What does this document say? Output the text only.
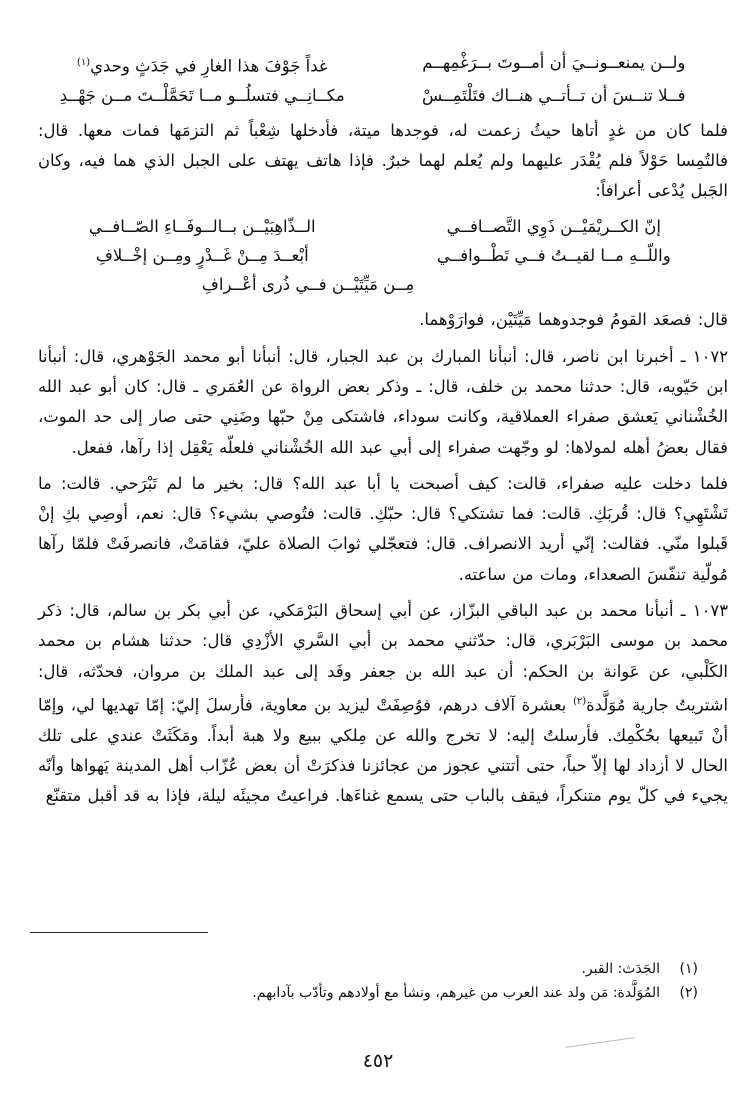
ولــن يمنعــونــيَ أن أمــوتَ بــرَغْمِهــم
غداً جَوْفَ هذا الغارِ في جَدَثٍ وحدي$^{(١)}$
فــلا تنــسَ أن تــأتــي هنــاك فتَلْتَمِــسْ
مكــانِــي فتسلُــو مــا تَحَمَّلْــتَ مــن جَهْــدِ

فلما كان من غدٍ أتاها حيثُ زعمت له، فوجدها ميتة، فأدخلها شِعْباً ثم التزمَها فمات معها. قال: فالتُمِسا حَوْلاً فلم يُقْدَر عليهما ولم يُعلم لهما خبرٌ. فإذا هاتف يهتف على الجبل الذي هما فيه، وكان الجَبل يُدْعى أعرافاً:

إنّ الكــريْمَيْــن ذَوِي التَّصــافــي
الــذّاهِبَيْــن بــالــوفَــاءِ الصّــافــي
واللّــهِ مــا لقيــتُ فــي تَطْــوافــي
أبْعــدَ مِــنْ غَــدْرٍ ومِــن إخْــلافِ
مِــن مَيِّتَيْــن فــي ذُرى أعْــرافِ

قال: فصعَد القومُ فوجدوهما مَيِّتَيْن، فوارَوْهما.

١٠٧٢ ـ أخبرنا ابن ناصر، قال: أنبأنا المبارك بن عبد الجبار، قال: أنبأنا أبو محمد الجَوْهري، قال: أنبأنا ابن حَيّويه، قال: حدثنا محمد بن خلف، قال: ـ وذكر بعض الرواة عن العُمَري ـ قال: كان أبو عبد الله الخُشْناني يَعشق صفراء العملاقية، وكانت سوداء، فاشتكى مِنْ حبّها وضَنِي حتى صار إلى حد الموت، فقال بعضُ أهله لمولاها: لو وجّهت صفراء إلى أبي عبد الله الخُشْناني فلعلّه يَعْقِل إذا رآها، ففعل.

فلما دخلت عليه صفراء، قالت: كيف أصبحت يا أبا عبد الله؟ قال: بخير ما لم تَبْرَحي. قالت: ما تَشْتَهِي؟ قال: قُربَكِ. قالت: فما تشتكي؟ قال: حبّكِ. قالت: فتُوصي بشيء؟ قال: نعم، أوصِي بكِ إنْ قَبلوا منّي. فقالت: إنّي أريد الانصراف. قال: فتعجّلي ثوابَ الصلاة عليّ، فقامَتْ، فانصرفَتْ فلمّا رآها مُولّية تنفّسَ الصعداء، ومات من ساعته.

١٠٧٣ ـ أنبأنا محمد بن عبد الباقي البزّاز، عن أبي إسحاق البَرْمَكي، عن أبي بكر بن سالم، قال: ذكر محمد بن موسى البَرْبَري، قال: حدّثني محمد بن أبي السَّري الأزْدِي قال: حدثنا هشام بن محمد الكَلْبي، عن عَوانة بن الحكم: أن عبد الله بن جعفر وفَد إلى عبد الملك بن مروان، فحدّثه، قال: اشتريتُ جارية مُوَلَّدة$^{(٢)}$ بعشرة آلاف درهم، فوُصِفَتْ ليزيد بن معاوية، فأرسلَ إليّ: إمّا تهديها لي، وإمّا أنْ تَبيعها بحُكْمِك. فأرسلتُ إليه: لا تخرج والله عن مِلكي ببيع ولا هبة أبداً. ومَكَثَتْ عندي على تلك الحال لا أزداد لها إلاّ حباً، حتى أتتني عجوز من عجائزنا فذكرَتْ أن بعض عُزّاب أهل المدينة يَهواها وأنّه يجيء في كلّ يوم متنكراً، فيقف بالباب حتى يسمع غناءَها. فراعيتُ مجيئَه ليلة، فإذا به قد أقبل متقنّع

(١)
الجَدَث: القبر.
(٢)
المُوَلَّدة: مَن ولد عند العرب من غيرهم، ونشأ مع أولادهم وتأدّب بآدابهم.
٤٥٢
